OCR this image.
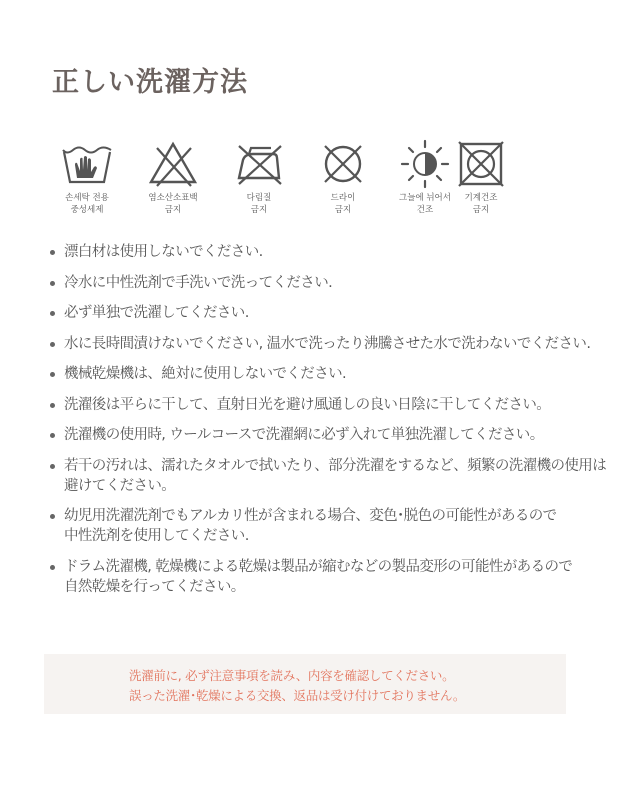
正しい洗濯方法
손세탁 전용
중성세제
염소산소표백
금지
다림질
금지
드라이
금지
그늘에 뉘어서
건조
기계건조
금지
漂白材は使用しないでください.
冷水に中性洗剤で手洗いで洗ってください.
必ず単独で洗濯してください.
水に長時間漬けないでください, 温水で洗ったり沸騰させた水で洗わないでください.
機械乾燥機は、絶対に使用しないでください.
洗濯後は平らに干して、直射日光を避け風通しの良い日陰に干してください。
洗濯機の使用時, ウールコースで洗濯網に必ず入れて単独洗濯してください。
若干の汚れは、濡れたタオルで拭いたり、部分洗濯をするなど、頻繁の洗濯機の使用は
避けてください。
幼児用洗濯洗剤でもアルカリ性が含まれる場合、変色･脱色の可能性があるので
中性洗剤を使用してください.
ドラム洗濯機, 乾燥機による乾燥は製品が縮むなどの製品変形の可能性があるので
自然乾燥を行ってください。

洗濯前に, 必ず注意事項を読み、内容を確認してください。

誤った洗濯･乾燥による交換、返品は受け付けておりません。
